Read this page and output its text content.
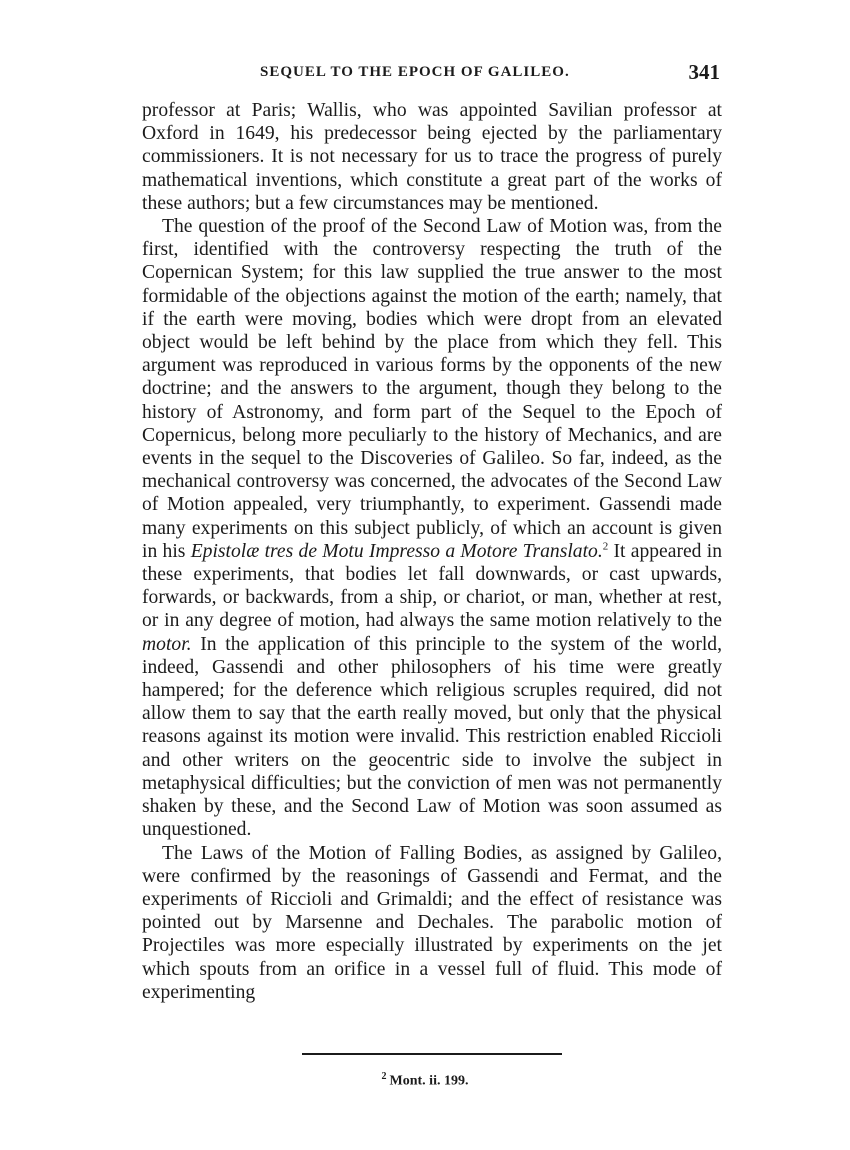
SEQUEL TO THE EPOCH OF GALILEO.	341

professor at Paris; Wallis, who was appointed Savilian professor at Oxford in 1649, his predecessor being ejected by the parliamentary commissioners. It is not necessary for us to trace the progress of purely mathematical inventions, which constitute a great part of the works of these authors; but a few circumstances may be mentioned.

The question of the proof of the Second Law of Motion was, from the first, identified with the controversy respecting the truth of the Copernican System; for this law supplied the true answer to the most formidable of the objections against the motion of the earth; namely, that if the earth were moving, bodies which were dropt from an elevated object would be left behind by the place from which they fell. This argument was reproduced in various forms by the opponents of the new doctrine; and the answers to the argument, though they belong to the history of Astronomy, and form part of the Sequel to the Epoch of Copernicus, belong more peculiarly to the history of Mechanics, and are events in the sequel to the Discoveries of Galileo. So far, indeed, as the mechanical controversy was concerned, the advocates of the Second Law of Motion appealed, very triumphantly, to experiment. Gassendi made many experiments on this subject publicly, of which an account is given in his Epistolæ tres de Motu Impresso a Motore Translato.$^2$ It appeared in these experiments, that bodies let fall downwards, or cast upwards, forwards, or backwards, from a ship, or chariot, or man, whether at rest, or in any degree of motion, had always the same motion relatively to the motor. In the application of this principle to the system of the world, indeed, Gassendi and other philosophers of his time were greatly hampered; for the deference which religious scruples required, did not allow them to say that the earth really moved, but only that the physical reasons against its motion were invalid. This restriction enabled Riccioli and other writers on the geocentric side to involve the subject in metaphysical difficulties; but the conviction of men was not permanently shaken by these, and the Second Law of Motion was soon assumed as unquestioned.

The Laws of the Motion of Falling Bodies, as assigned by Galileo, were confirmed by the reasonings of Gassendi and Fermat, and the experiments of Riccioli and Grimaldi; and the effect of resistance was pointed out by Marsenne and Dechales. The parabolic motion of Projectiles was more especially illustrated by experiments on the jet which spouts from an orifice in a vessel full of fluid. This mode of experimenting

$^2$ Mont. ii. 199.
